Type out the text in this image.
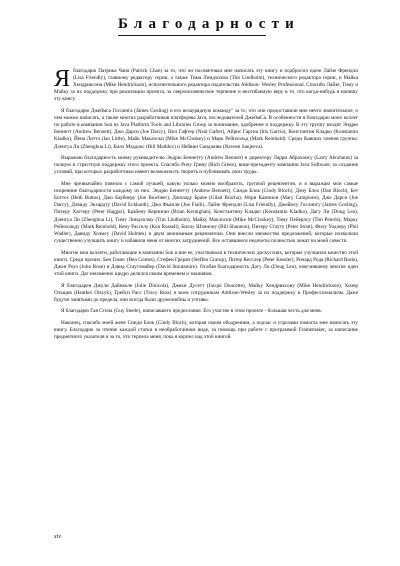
Благодарности

Яблагодарю Патрика Чана (Patrick Chan) за то, что он посоветовал мне написать эту книгу и подбросил идею Лайзе Френдли (Lisa Friendly), главному редактору серии, а также Тима Линдхолма (Tim Lindholm), технического редактора серии, и Майка Хендриксона (Mike Hendrickson), исполнительного редактора издательства Addison- Wesley Professional. Спасибо Лайзе, Тиму и Майку за их поддержку при реализации проекта, за сверхчеловеческое терпение и несгибаемую веру в то, что когда-нибудь я напишу эту книгу.

Я благодарю Джеймса Гослинга (James Gosling) и его незаурядную команду" за то, что они предоставили мне нечто значительное, о чем можно написать, а также многих разработчиков платформы Java, последователей ДжеймСа. В особенности я благодарю моих коллег по работе в компании Sun из Java Platform Tools and Libraries Group за понимание, одобрение и поддержку. В эту группу входят Эндрю Беннетт (Andrew Bennett), Джо Дарси (Joe Darcy), Нил Гафтер (Neal Gafter), Айрис Гарсиа (Iris Garcia), Константин Кладко (Konstantin Kladko), Йена Литтл (Ian Little), Майк Маклоски (Mike McCloskey) и Марк Рейнхольд (Mark Reinhold). Среди бывших членов группы: Дзенгуа Ли (Zhenghua Li), Билл Мэддокс (Bill Maddox) и Нейвин Санджива (Naveen Sanjeeva).

Выражаю благодарность моему руководителю Эндрю Беннетту (Andrew Bennett) и директору Ларри Абрахамсу (Larry Abrahams) за полную и страстную поддержку этого проекта. Спасибо Ричу Грину (Rich Green), вице-президенту компании Java Software, за создание условий, при которых разработчики имеют возможность творить и публиковать свои труды.

Мне чрезвычайно повезло с самой лучшей, какую только можно вообразить, группой рецензентов, и я выражаю мои самые искренние благодарности каждому из них: Эндрю Беннетту (Andrew Bennett), Синди Блок (Cindy Bloch), Дэну Блох (Dan Bloch), Бет Боттос (Beth Bottos), Джо Баубиеру (Joe Bowbeer), Джиладу Браче (Gilad Bracha), Мэри Кампион (Mary Campione), Джо Дарси (Joe Darcy), Дэвиду Экхардту (David Eckhardt), Джо Фьялли (Joe Fialli), Лайзе Френдли (Lisa Friendly), Джеймсу Гослингу (James Gosling), Питеру Хаггеру (Peter Haggar), Брайену Керниган (Brian Kernighan), Константину Кладко (Konstantin Kladko), Дагу Ли (Doug Lea), Дзенгуа Ли (Zhenghua Li), Тиму Линдхолму (Tim Lindholm), Майку Маклоски (Mike McCloskey), Тиму Пейерлсу (Tim Peierls), Марку Рейнхольду (Mark Reinhold), Кену Расселу (Ken Russell), Биллу Шэннону (Bill Shannon), Питеру Стауту (Peter Stout), Филу Уодлеру (Phil Wadler), Давиду Холмсу (David Holmes) и двум анонимным рецензентам. Они внесли множество предложений, которые позволили существенно улучшить книгу и избавили меня от многих затруднений. Все оставшиеся недочеты полностью лежат на моей совести.

Многие мои коллеги, работающие в компании Sun и вне ее, участвовали в технических дискуссиях, которые улучшили качество этой книги. Среди прочих: Бен Гомес (Ben Gomes), Стефен Грерап (Steffen Grarup), Питер Кесслер (Peter Kessler), Ричард Рода (Richard Roda), Джон Роуз (John Rose) и Дэвид Стаутэмайер (David Stoutamire). Особая благодарность Дагу Ли (Doug Lea), озвучившему многие идеи этой книги. Даг неизменно щедро делился своим временем и знаниями.

Я благодарен Джули Дайнколе (Julie Dinicola), Джеки Дусетт (Jacqui Doucette), Майку Хендриксону (Mike Hendrickson), Хизер Ольщик (Heather Olszyk), Трейси Расс (Tracy Russ) и всем сотрудникам Addison-Wesley за их поддержку и Профессионализм. Даже будучи занятыми до предела, они всегда были дружелюбны и учтивы.

Я благодарю Гая Стила (Guy Steele), написавшего предисловие. Его участие в этом проекте - большая честь для меня.

Наконец, спасибо моей жене Синди Блок (Cindy Bloch), которая своим ободрением, а подчас и угрозами помогла мне написать эту книгу. Благодарю за чтение каждой статьи в необработанном виде, за помощь при работе с программой Framemaker, за написание предметного указателя и за то, что терпела меня, пока я корпел над этой книгой.

xiv
